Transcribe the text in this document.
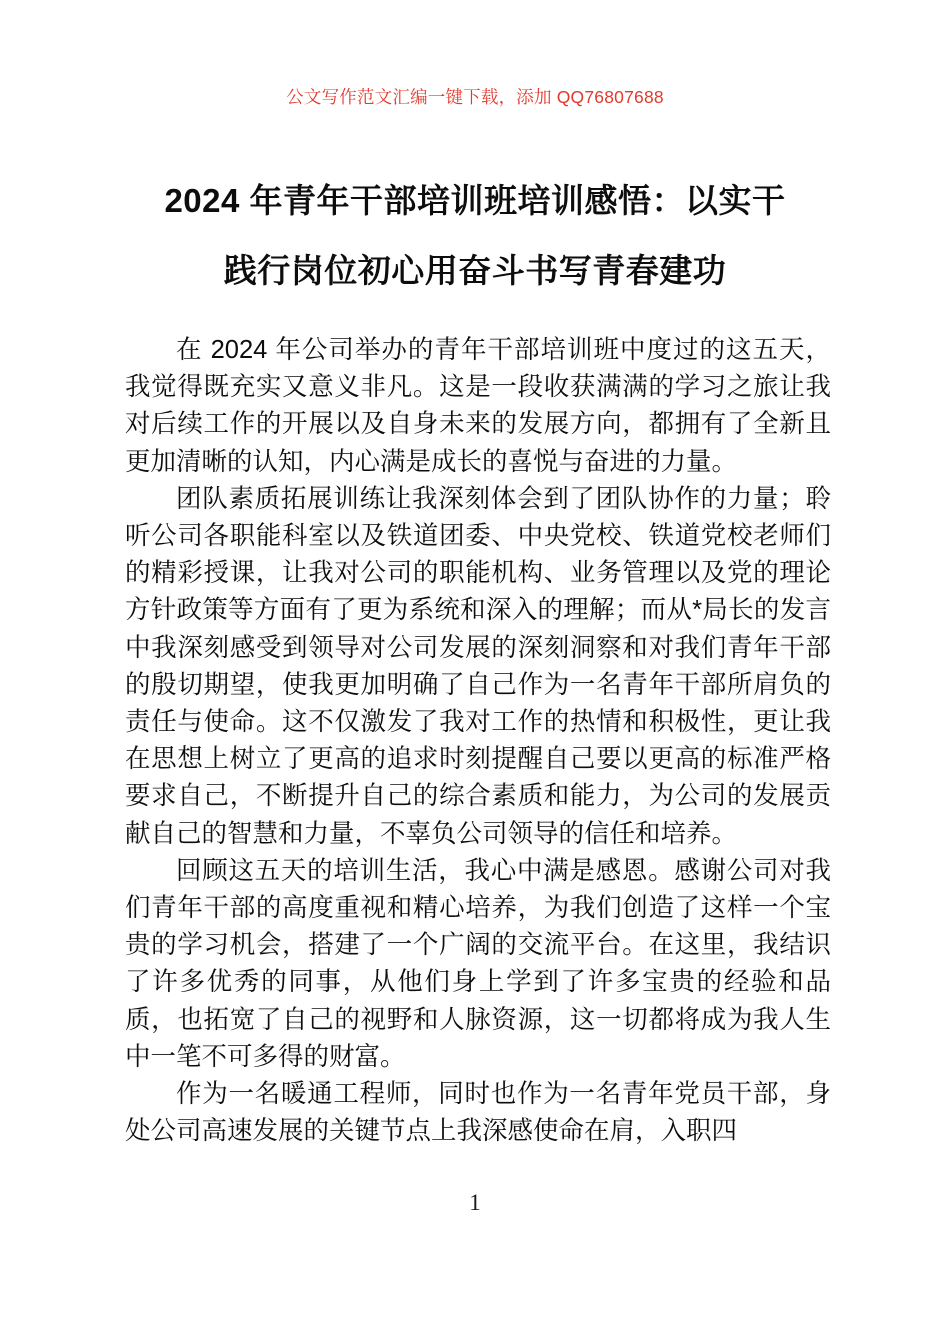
公文写作范文汇编一键下载，添加 QQ76807688
2024 年青年干部培训班培训感悟：以实干
践行岗位初心用奋斗书写青春建功

在 2024 年公司举办的青年干部培训班中度过的这五天，我觉得既充实又意义非凡。这是一段收获满满的学习之旅让我对后续工作的开展以及自身未来的发展方向，都拥有了全新且更加清晰的认知，内心满是成长的喜悦与奋进的力量。

团队素质拓展训练让我深刻体会到了团队协作的力量；聆听公司各职能科室以及铁道团委、中央党校、铁道党校老师们的精彩授课，让我对公司的职能机构、业务管理以及党的理论方针政策等方面有了更为系统和深入的理解；而从*局长的发言中我深刻感受到领导对公司发展的深刻洞察和对我们青年干部的殷切期望，使我更加明确了自己作为一名青年干部所肩负的责任与使命。这不仅激发了我对工作的热情和积极性，更让我在思想上树立了更高的追求时刻提醒自己要以更高的标准严格要求自己，不断提升自己的综合素质和能力，为公司的发展贡献自己的智慧和力量，不辜负公司领导的信任和培养。

回顾这五天的培训生活，我心中满是感恩。感谢公司对我们青年干部的高度重视和精心培养，为我们创造了这样一个宝贵的学习机会，搭建了一个广阔的交流平台。在这里，我结识了许多优秀的同事，从他们身上学到了许多宝贵的经验和品质，也拓宽了自己的视野和人脉资源，这一切都将成为我人生中一笔不可多得的财富。

作为一名暖通工程师，同时也作为一名青年党员干部，身处公司高速发展的关键节点上我深感使命在肩，入职四

1
